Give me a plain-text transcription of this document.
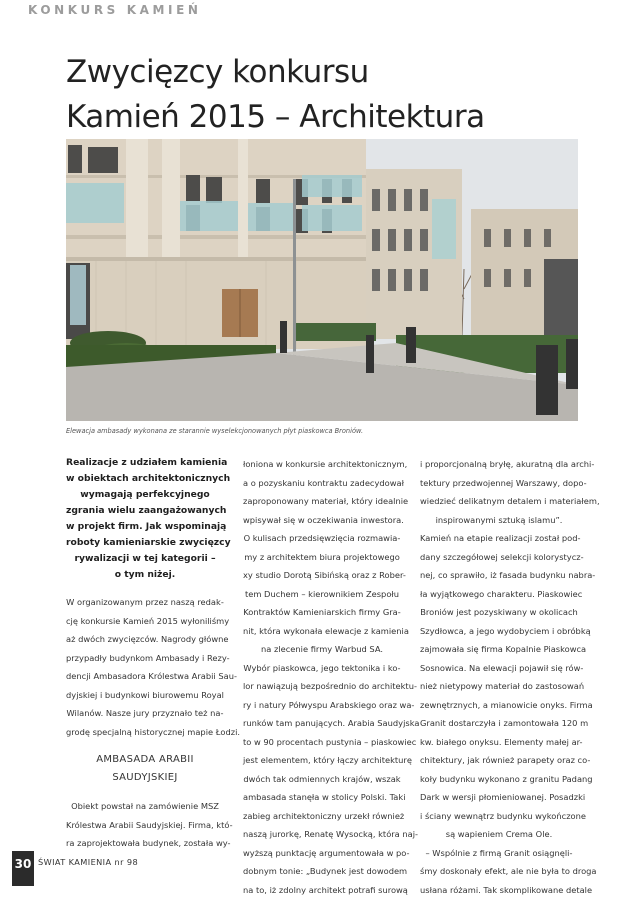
KONKURS KAMIEŃ
Zwycięzcy konkursu
Kamień 2015 – Architektura
Elewacja ambasady wykonana ze starannie wyselekcjonowanych płyt piaskowca Broniów.
Realizacje z udziałem kamienia
w obiektach architektonicznych
wymagają perfekcyjnego
zgrania wielu zaangażowanych
w projekt firm. Jak wspominają
roboty kamieniarskie zwycięzcy
rywalizacji w tej kategorii –
o tym niżej.
W organizowanym przez naszą redak-
cję konkursie Kamień 2015 wyłoniliśmy
aż dwóch zwycięzców. Nagrody główne
przypadły budynkom Ambasady i Rezy-
dencji Ambasadora Królestwa Arabii Sau-
dyjskiej i budynkowi biurowemu Royal
Wilanów. Nasze jury przyznało też na-
grodę specjalną historycznej mapie Łodzi.
AMBASADA ARABII
SAUDYJSKIEJ
Obiekt powstał na zamówienie MSZ
Królestwa Arabii Saudyjskiej. Firma, któ-
ra zaprojektowała budynek, została wy-
łoniona w konkursie architektonicznym,
a o pozyskaniu kontraktu zadecydował
zaproponowany materiał, który idealnie
wpisywał się w oczekiwania inwestora.
O kulisach przedsięwzięcia rozmawia-
my z architektem biura projektowego
xy studio Dorotą Sibińską oraz z Rober-
tem Duchem – kierownikiem Zespołu
Kontraktów Kamieniarskich firmy Gra-
nit, która wykonała elewacje z kamienia
na zlecenie firmy Warbud SA.
Wybór piaskowca, jego tektonika i ko-
lor nawiązują bezpośrednio do architektu-
ry i natury Półwyspu Arabskiego oraz wa-
runków tam panujących. Arabia Saudyjska
to w 90 procentach pustynia – piaskowiec
jest elementem, który łączy architekturę
dwóch tak odmiennych krajów, wszak
ambasada stanęła w stolicy Polski. Taki
zabieg architektoniczny urzekł również
naszą jurorkę, Renatę Wysocką, która naj-
wyższą punktację argumentowała w po-
dobnym tonie: „Budynek jest dowodem
na to, iż zdolny architekt potrafi surową
i proporcjonalną bryłę, akuratną dla archi-
tektury przedwojennej Warszawy, dopo-
wiedzieć delikatnym detalem i materiałem,
inspirowanymi sztuką islamu”.
Kamień na etapie realizacji został pod-
dany szczegółowej selekcji kolorystycz-
nej, co sprawiło, iż fasada budynku nabra-
ła wyjątkowego charakteru. Piaskowiec
Broniów jest pozyskiwany w okolicach
Szydłowca, a jego wydobyciem i obróbką
zajmowała się firma Kopalnie Piaskowca
Sosnowica. Na elewacji pojawił się rów-
nież nietypowy materiał do zastosowań
zewnętrznych, a mianowicie onyks. Firma
Granit dostarczyła i zamontowała 120 m
kw. białego onyksu. Elementy małej ar-
chitektury, jak również parapety oraz co-
koły budynku wykonano z granitu Padang
Dark w wersji płomieniowanej. Posadzki
i ściany wewnątrz budynku wykończone
są wapieniem Crema Ole.
– Wspólnie z firmą Granit osiągnęli-
śmy doskonały efekt, ale nie była to droga
usłana różami. Tak skomplikowane detale
30 ŚWIAT KAMIENIA nr 98
